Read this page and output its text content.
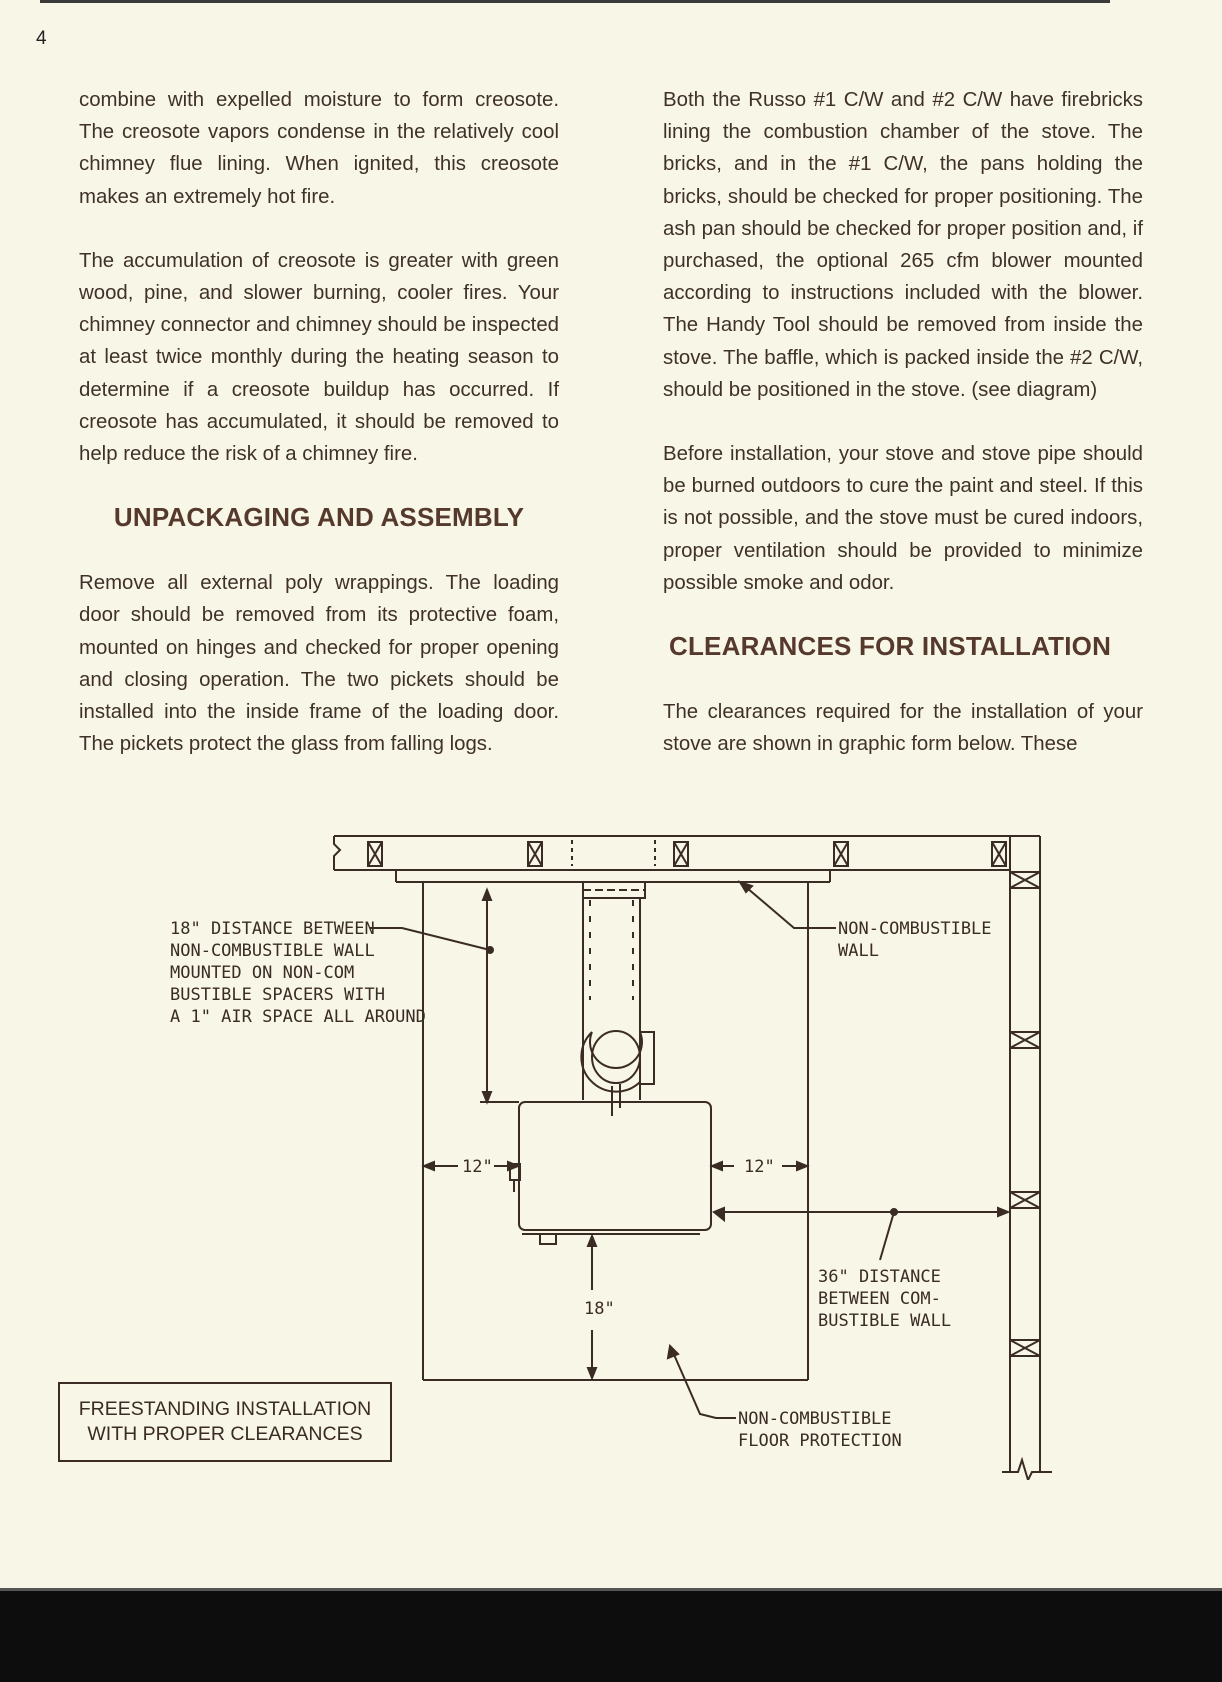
4

combine with expelled moisture to form creosote. The creosote vapors condense in the relatively cool chimney flue lining. When ignited, this creosote makes an extremely hot fire.

The accumulation of creosote is greater with green wood, pine, and slower burning, cooler fires. Your chimney connector and chimney should be inspected at least twice monthly during the heating season to determine if a creosote buildup has occurred. If creosote has accumulated, it should be removed to help reduce the risk of a chimney fire.

UNPACKAGING AND ASSEMBLY

Remove all external poly wrappings. The loading door should be removed from its protective foam, mounted on hinges and checked for proper opening and closing operation. The two pickets should be installed into the inside frame of the loading door. The pickets protect the glass from falling logs.

Both the Russo #1 C/W and #2 C/W have firebricks lining the combustion chamber of the stove. The bricks, and in the #1 C/W, the pans holding the bricks, should be checked for proper positioning. The ash pan should be checked for proper position and, if purchased, the optional 265 cfm blower mounted according to instructions included with the blower. The Handy Tool should be removed from inside the stove. The baffle, which is packed inside the #2 C/W, should be positioned in the stove. (see diagram)

Before installation, your stove and stove pipe should be burned outdoors to cure the paint and steel. If this is not possible, and the stove must be cured indoors, proper ventilation should be provided to minimize possible smoke and odor.

CLEARANCES FOR INSTALLATION

The clearances required for the installation of your stove are shown in graphic form below. These

18" DISTANCE BETWEEN
NON-COMBUSTIBLE WALL
MOUNTED ON NON-COM
BUSTIBLE SPACERS WITH
A 1" AIR SPACE ALL AROUND
NON-COMBUSTIBLE
WALL
12"	12"
18"
36" DISTANCE
BETWEEN COM-
BUSTIBLE WALL
NON-COMBUSTIBLE
FLOOR PROTECTION
FREESTANDING INSTALLATION
WITH PROPER CLEARANCES
